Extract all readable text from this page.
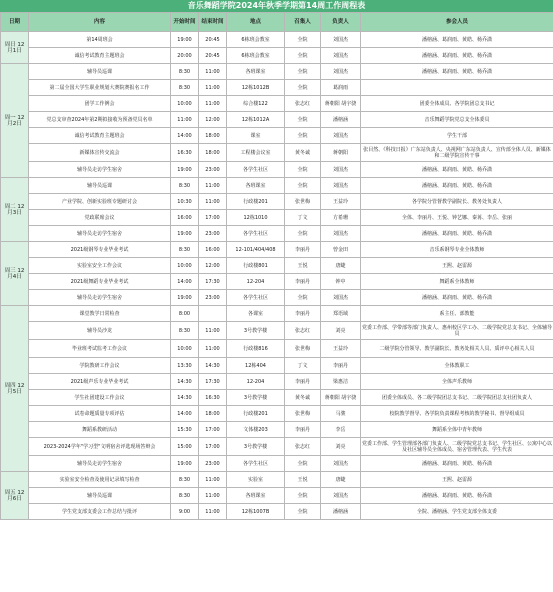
音乐舞蹈学院2024年秋季学期第14周工作周程表
日期	内容	开始时间	结束时间	地点	召集人	负责人	参会人员
周日 12月1日	第14周班会	19:00	20:45	6栋班会教室	全院	刘国杰	潘榕涵、葛润雨、黄皓、杨乔潇
	诚信考试教育主题班会	20:00	20:45	6栋班会教室	全院	刘国杰	潘榕涵、葛润雨、黄皓、杨乔潇
周一 12月2日	辅导员巡课	8:30	11:00	各班课室	全院	刘国杰	潘榕涵、葛润雨、黄皓、杨乔潇
	第二届全国大学生职业规划大赛院赛报名工作	8:30	11:00	12栋1012B	全院	葛润雨	
	团学工作例会	10:00	11:00	综合楼122	张志红	蒋朝阳 胡宇骁	团委全体成员、各学院团总支书记
	党总支审查2024年第2期拟接收为预备党员名单	11:00	12:00	12栋1012A	全院	潘榕涵	音乐舞蹈学院党总支全体委员
	诚信考试教育主题班会	14:00	18:00	课室	全院	刘国杰	学生干部
	新媒体宣传交流会	16:30	18:00	工程楼会议室	黄冬诚	蒋朝阳	张目然、《科技日报》广东站负责人、央视网广东站负责人、宣传部全体人员、新媒体和二级学院宣传干事
	辅导员走访学生宿舍	19:00	23:00	各学生社区	全院	刘国杰	潘榕涵、葛润雨、黄皓、杨乔潇
周二 12月3日	辅导员巡课	8:30	11:00	各班课室	全院	刘国杰	潘榕涵、葛润雨、黄皓、杨乔潇
	产业学院、创新实验班专题研讨会	10:30	11:00	行政楼201	张世梅	王益玲	各学院分管督教学副院长、教务处负责人
	党政联席会议	16:00	17:00	12栋1010	丁文	方希珊	全体、李丽丹、王悦、钟艺娜、秦苒、李岳、张丽
	辅导员走访学生宿舍	19:00	23:00	各学生社区	全院	刘国杰	潘榕涵、葛润雨、黄皓、杨乔潇
周三 12月4日	2021级钢琴专业毕业考试	8:30	16:00	12-101/404/408	李丽丹	曾金田	音乐系钢琴专业全体教师
	实验室安全工作会议	10:00	12:00	行政楼801	王悦	唐睫	王熙、赵雷源
	2021级舞蹈专业毕业考试	14:00	17:30	12-204	李丽丹	钟中	舞蹈系全体教师
	辅导员走访学生宿舍	19:00	23:00	各学生社区	全院	刘国杰	潘榕涵、葛润雨、黄皓、杨乔潇
周四 12月5日	课堂教学日常检查	8:00		各课室	李丽丹	郑语域	系主任、部教能
	辅导员沙龙	8:30	11:00	3号教学楼	张志红	刘亮	党委工作部、学带部等部门负责人、惠州校区学工办、二级学院党总支书记、全体辅导员
	毕业班考试监考工作会议	10:00	11:00	行政楼816	张世梅	王益玲	二级学院分管领导、教学副院长、教务处相关人员、质评中心相关人员
	学院教研工作会议	13:30	14:30	12栋404	丁文	李丽丹	全体教职工
	2021级声乐专业毕业考试	14:30	17:30	12-204	李丽丹	梁惠洁	全体声乐教师
	学生社团建设工作会议	14:30	16:30	3号教学楼	黄冬诚	蒋朝阳 胡宇骁	团委全体成员、各二级学院团总支书记、二级学院团总支社团负责人
	试卷命题质量专项评估	14:00	18:00	行政楼201	张世梅	马骏	校院教学督导、各学院负责课程考核的教学秘书、督导组成员
	舞蹈系教研活动	15:30	17:00	文体楼203	李丽丹	李岳	舞蹈系全体中青年教师
	2023-2024学年"学习型"文明宿舍评选现场答辩会	15:00	17:00	3号教学楼	张志红	刘亮	党委工作部、学生管理部各部门负责人、二级学院党总支书记、学生社区、公寓中心以及社区辅导员全体成员、宿舍管理代表、学生代表
	辅导员走访学生宿舍	19:00	23:00	各学生社区	全院	刘国杰	潘榕涵、葛润雨、黄皓、杨乔潇
周五 12月6日	实验室安全检查及使用记录填写检查	8:30	11:00	实验室	王悦	唐睫	王熙、赵雷源
	辅导员巡课	8:30	11:00	各班课室	全院	刘国杰	潘榕涵、葛润雨、黄皓、杨乔潇
	学生党支部支委会工作总结与批评	9:00	11:00	12栋1007B	全院	潘榕涵	全院、潘榕涵、学生党支部全体支委
